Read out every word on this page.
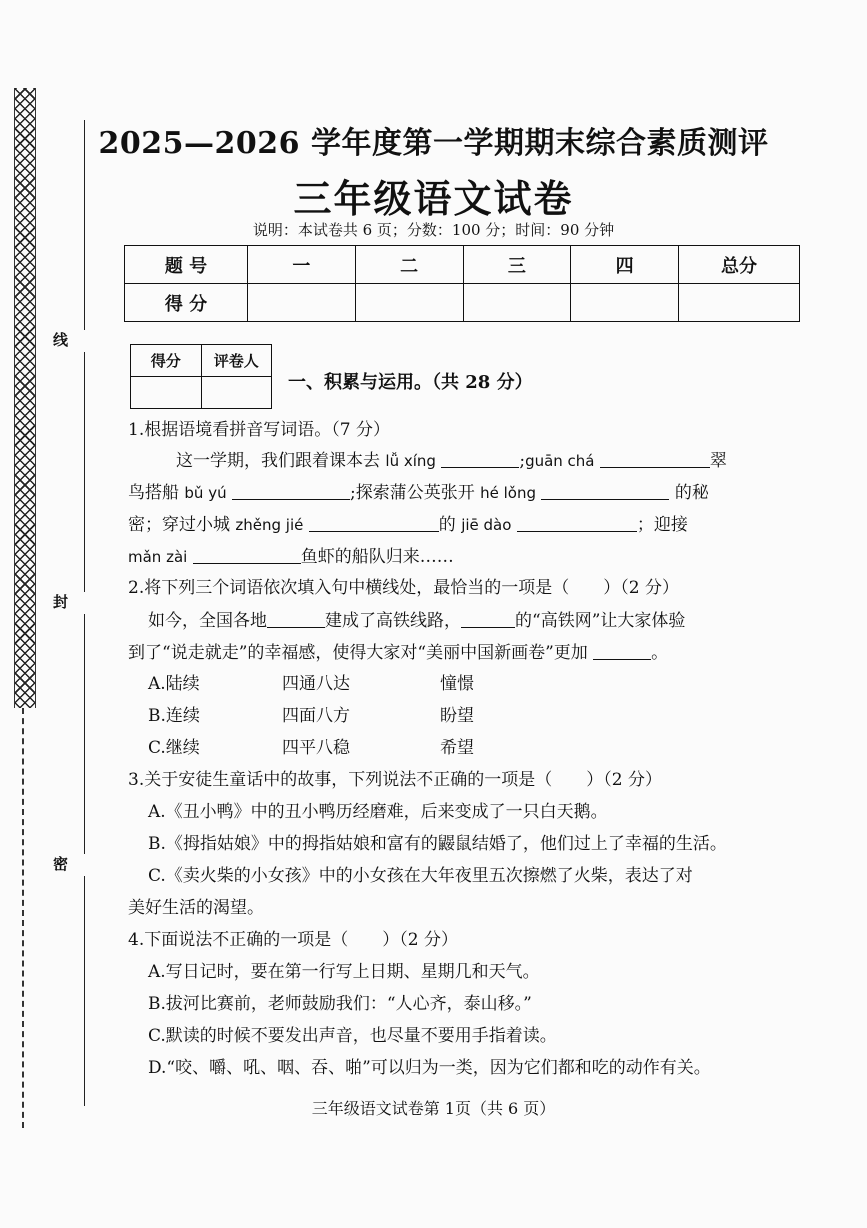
线
封
密
2025—2026 学年度第一学期期末综合素质测评
三年级语文试卷
说明：本试卷共 6 页；分数：100 分；时间：90 分钟
题 号	一	二	三	四	总分
得 分					
得分	评卷人

一、积累与运用。（共 28 分）
1.根据语境看拼音写词语。（7 分）
这一学期，我们跟着课本去 lǚ xíng	;guān chá	翠
鸟搭船 bǔ yú	;探索蒲公英张开 hé lǒng	的秘
密；穿过小城 zhěng jié	的 jiē dào	；迎接
mǎn zài	鱼虾的船队归来……
2.将下列三个词语依次填入句中横线处，最恰当的一项是（　　）（2 分）
如今，全国各地	建成了高铁线路，	的“高铁网”让大家体验
到了“说走就走”的幸福感，使得大家对“美丽中国新画卷”更加	。
A.陆续	四通八达	憧憬
B.连续	四面八方	盼望
C.继续	四平八稳	希望
3.关于安徒生童话中的故事，下列说法不正确的一项是（　　）（2 分）
A.《丑小鸭》中的丑小鸭历经磨难，后来变成了一只白天鹅。
B.《拇指姑娘》中的拇指姑娘和富有的鼹鼠结婚了，他们过上了幸福的生活。
C.《卖火柴的小女孩》中的小女孩在大年夜里五次擦燃了火柴，表达了对
美好生活的渴望。
4.下面说法不正确的一项是（　　）（2 分）
A.写日记时，要在第一行写上日期、星期几和天气。
B.拔河比赛前，老师鼓励我们：“人心齐，泰山移。”
C.默读的时候不要发出声音，也尽量不要用手指着读。
D.“咬、嚼、吼、咽、吞、啪”可以归为一类，因为它们都和吃的动作有关。
三年级语文试卷第 1页（共 6 页）
